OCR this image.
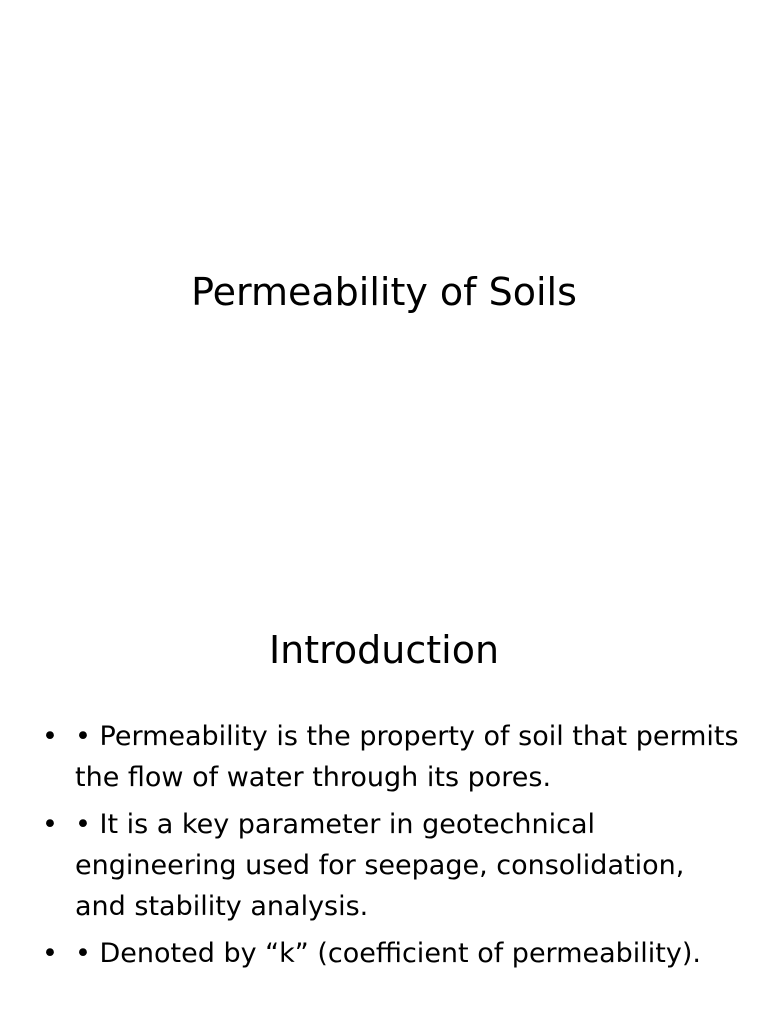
Permeability of Soils
Introduction
• • Permeability is the property of soil that permits the flow of water through its pores.
• • It is a key parameter in geotechnical engineering used for seepage, consolidation, and stability analysis.
• • Denoted by “k” (coefficient of permeability).
